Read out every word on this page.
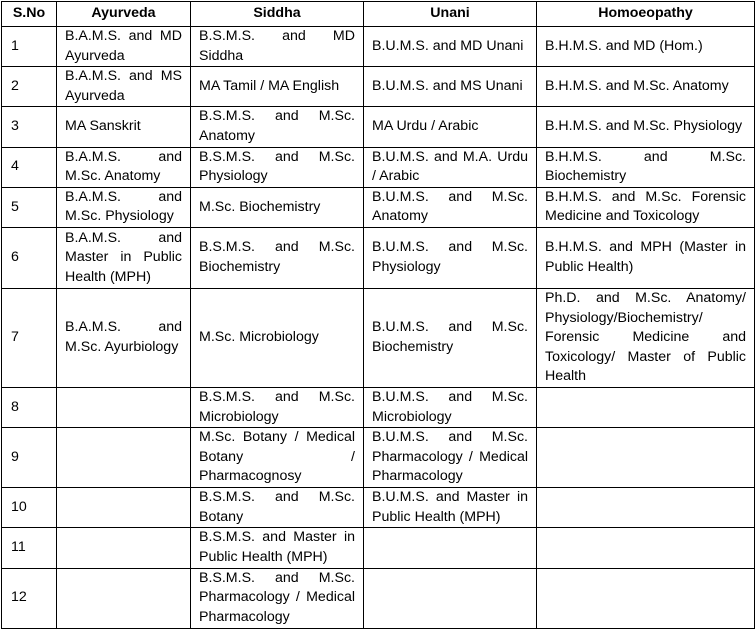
S.No	Ayurveda	Siddha	Unani	Homoeopathy
1	B.A.M.S. and MD Ayurveda	B.S.M.S. and MD Siddha	B.U.M.S. and MD Unani	B.H.M.S. and MD (Hom.)
2	B.A.M.S. and MS Ayurveda	MA Tamil / MA English	B.U.M.S. and MS Unani	B.H.M.S. and M.Sc. Anatomy
3	MA Sanskrit	B.S.M.S. and M.Sc. Anatomy	MA Urdu / Arabic	B.H.M.S. and M.Sc. Physiology
4	B.A.M.S. and M.Sc. Anatomy	B.S.M.S. and M.Sc. Physiology	B.U.M.S. and M.A. Urdu / Arabic	B.H.M.S. and M.Sc. Biochemistry
5	B.A.M.S. and M.Sc. Physiology	M.Sc. Biochemistry	B.U.M.S. and M.Sc. Anatomy	B.H.M.S. and M.Sc. Forensic Medicine and Toxicology
6	B.A.M.S. and Master in Public Health (MPH)	B.S.M.S. and M.Sc. Biochemistry	B.U.M.S. and M.Sc. Physiology	B.H.M.S. and MPH (Master in Public Health)
7	B.A.M.S. and M.Sc. Ayurbiology	M.Sc. Microbiology	B.U.M.S. and M.Sc. Biochemistry	Ph.D. and M.Sc. Anatomy/ Physiology/Biochemistry/ Forensic Medicine and Toxicology/ Master of Public Health
8		B.S.M.S. and M.Sc. Microbiology	B.U.M.S. and M.Sc. Microbiology	
9		M.Sc. Botany / Medical Botany / Pharmacognosy	B.U.M.S. and M.Sc. Pharmacology / Medical Pharmacology	
10		B.S.M.S. and M.Sc. Botany	B.U.M.S. and Master in Public Health (MPH)	
11		B.S.M.S. and Master in Public Health (MPH)		
12		B.S.M.S. and M.Sc. Pharmacology / Medical Pharmacology		
